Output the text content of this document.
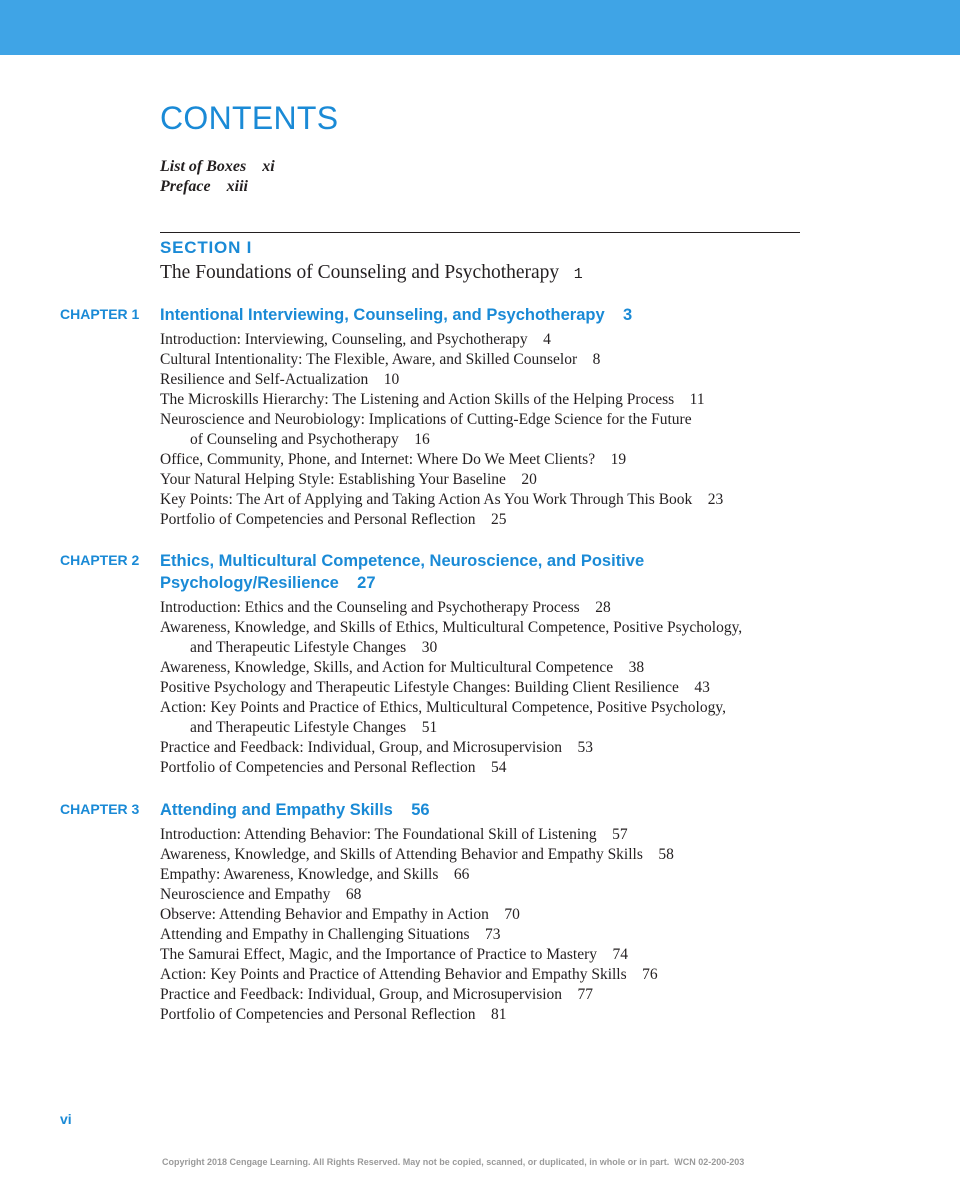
CONTENTS
List of Boxes xi
Preface xiii
SECTION I
The Foundations of Counseling and Psychotherapy 1
CHAPTER 1 Intentional Interviewing, Counseling, and Psychotherapy    3
Introduction: Interviewing, Counseling, and Psychotherapy    4
Cultural Intentionality: The Flexible, Aware, and Skilled Counselor    8
Resilience and Self-Actualization    10
The Microskills Hierarchy: The Listening and Action Skills of the Helping Process    11
Neuroscience and Neurobiology: Implications of Cutting-Edge Science for the Future
of Counseling and Psychotherapy    16
Office, Community, Phone, and Internet: Where Do We Meet Clients?    19
Your Natural Helping Style: Establishing Your Baseline    20
Key Points: The Art of Applying and Taking Action As You Work Through This Book    23
Portfolio of Competencies and Personal Reflection    25
CHAPTER 2 Ethics, Multicultural Competence, Neuroscience, and Positive
Psychology/Resilience    27
Introduction: Ethics and the Counseling and Psychotherapy Process    28
Awareness, Knowledge, and Skills of Ethics, Multicultural Competence, Positive Psychology,
and Therapeutic Lifestyle Changes    30
Awareness, Knowledge, Skills, and Action for Multicultural Competence    38
Positive Psychology and Therapeutic Lifestyle Changes: Building Client Resilience    43
Action: Key Points and Practice of Ethics, Multicultural Competence, Positive Psychology,
and Therapeutic Lifestyle Changes    51
Practice and Feedback: Individual, Group, and Microsupervision    53
Portfolio of Competencies and Personal Reflection    54
CHAPTER 3 Attending and Empathy Skills    56
Introduction: Attending Behavior: The Foundational Skill of Listening    57
Awareness, Knowledge, and Skills of Attending Behavior and Empathy Skills    58
Empathy: Awareness, Knowledge, and Skills    66
Neuroscience and Empathy    68
Observe: Attending Behavior and Empathy in Action    70
Attending and Empathy in Challenging Situations    73
The Samurai Effect, Magic, and the Importance of Practice to Mastery    74
Action: Key Points and Practice of Attending Behavior and Empathy Skills    76
Practice and Feedback: Individual, Group, and Microsupervision    77
Portfolio of Competencies and Personal Reflection    81
vi
Copyright 2018 Cengage Learning. All Rights Reserved. May not be copied, scanned, or duplicated, in whole or in part.  WCN 02-200-203
